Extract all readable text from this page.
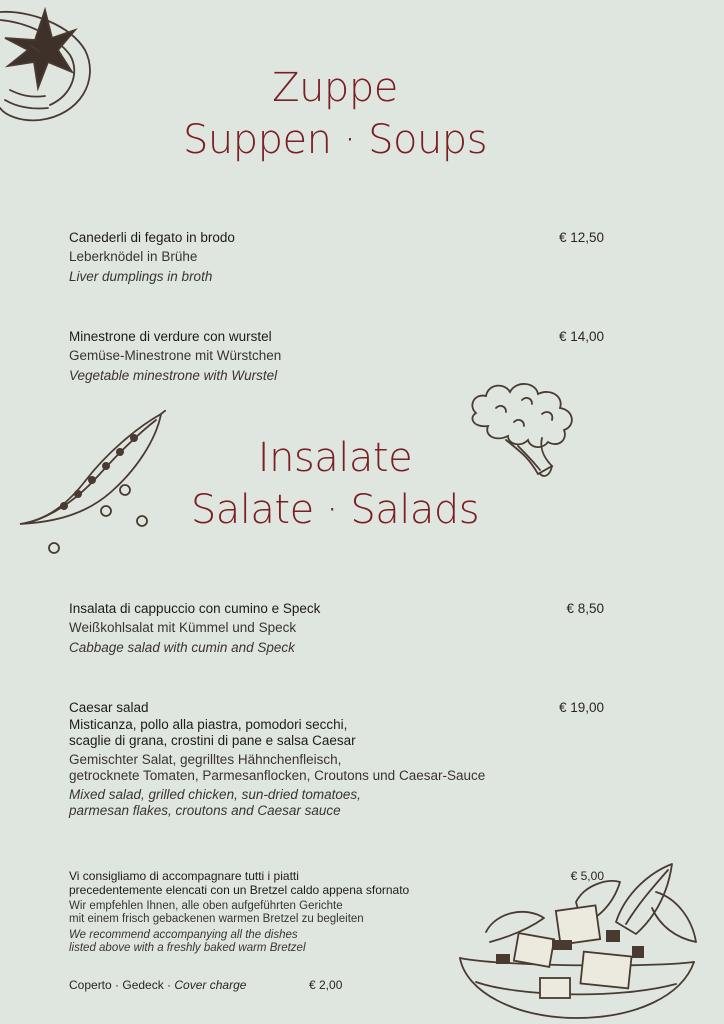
Zuppe
Suppen · Soups
Canederli di fegato in brodo
Leberknödel in Brühe
Liver dumplings in broth
€ 12,50
Minestrone di verdure con wurstel
Gemüse-Minestrone mit Würstchen
Vegetable minestrone with Wurstel
€ 14,00
Insalate
Salate · Salads
Insalata di cappuccio con cumino e Speck
Weißkohlsalat mit Kümmel und Speck
Cabbage salad with cumin and Speck
€ 8,50
Caesar salad
Misticanza, pollo alla piastra, pomodori secchi,
scaglie di grana, crostini di pane e salsa Caesar
Gemischter Salat, gegrilltes Hähnchenfleisch,
getrocknete Tomaten, Parmesanflocken, Croutons und Caesar-Sauce
Mixed salad, grilled chicken, sun-dried tomatoes,
parmesan flakes, croutons and Caesar sauce
€ 19,00
Vi consigliamo di accompagnare tutti i piatti
precedentemente elencati con un Bretzel caldo appena sfornato
Wir empfehlen Ihnen, alle oben aufgeführten Gerichte
mit einem frisch gebackenen warmen Bretzel zu begleiten
We recommend accompanying all the dishes
listed above with a freshly baked warm Bretzel
€ 5,00
Coperto · Gedeck · Cover charge	€ 2,00
